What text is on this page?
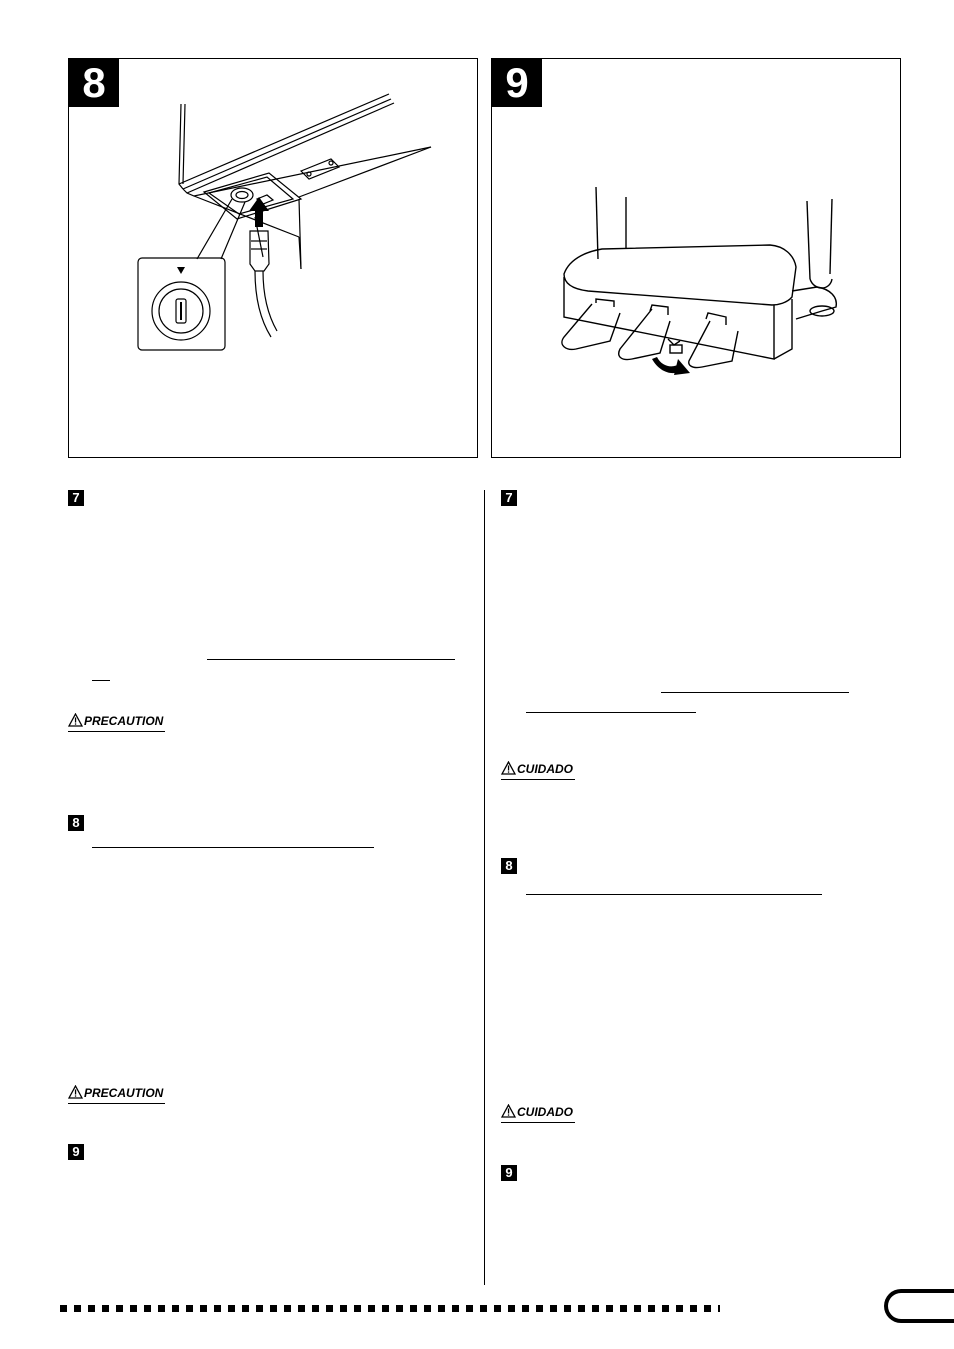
8	9
7
PRECAUTION
8
PRECAUTION
9
7
CUIDADO
8
CUIDADO
9
